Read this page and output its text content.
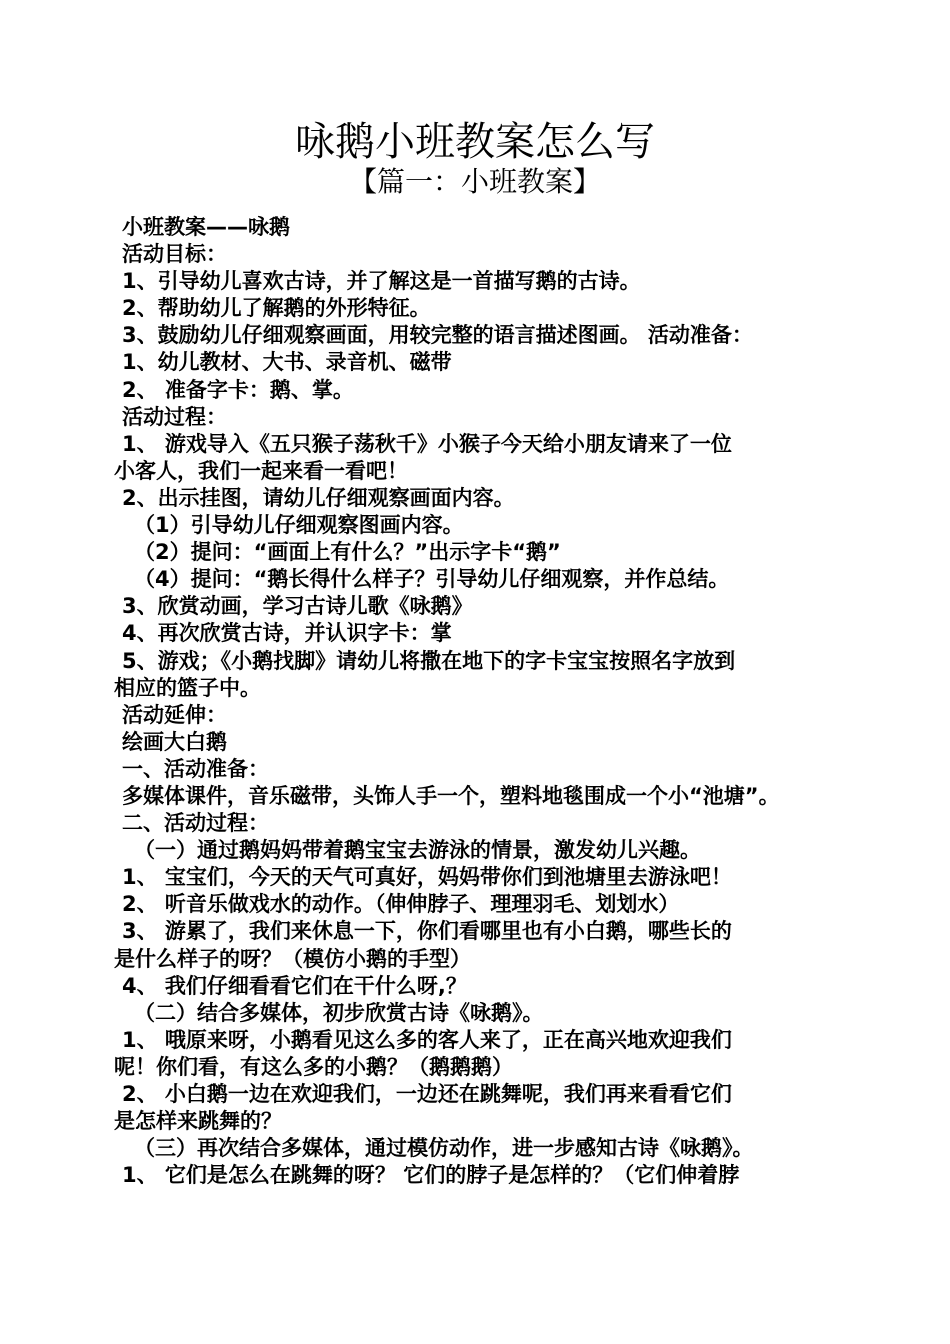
咏鹅小班教案怎么写
【篇一：小班教案】
小班教案——咏鹅
活动目标：
1、引导幼儿喜欢古诗，并了解这是一首描写鹅的古诗。
2、帮助幼儿了解鹅的外形特征。
3、鼓励幼儿仔细观察画面，用较完整的语言描述图画。 活动准备：
1、幼儿教材、大书、录音机、磁带
2、 准备字卡：鹅、掌。
活动过程：
1、 游戏导入《五只猴子荡秋千》小猴子今天给小朋友请来了一位
小客人，我们一起来看一看吧！
2、出示挂图，请幼儿仔细观察画面内容。
（1）引导幼儿仔细观察图画内容。
（2）提问：“画面上有什么？”出示字卡“鹅”
（4）提问：“鹅长得什么样子？引导幼儿仔细观察，并作总结。
3、欣赏动画，学习古诗儿歌《咏鹅》
4、再次欣赏古诗，并认识字卡：掌
5、游戏；《小鹅找脚》请幼儿将撒在地下的字卡宝宝按照名字放到
相应的篮子中。
活动延伸：
绘画大白鹅
一、活动准备：
多媒体课件，音乐磁带，头饰人手一个，塑料地毯围成一个小“池塘”。
二、活动过程：
（一）通过鹅妈妈带着鹅宝宝去游泳的情景，激发幼儿兴趣。
1、 宝宝们，今天的天气可真好，妈妈带你们到池塘里去游泳吧！
2、 听音乐做戏水的动作。（伸伸脖子、理理羽毛、划划水）
3、 游累了，我们来休息一下，你们看哪里也有小白鹅，哪些长的
是什么样子的呀？（模仿小鹅的手型）
4、 我们仔细看看它们在干什么呀,？
（二）结合多媒体，初步欣赏古诗《咏鹅》。
1、 哦原来呀，小鹅看见这么多的客人来了，正在高兴地欢迎我们
呢！你们看，有这么多的小鹅？（鹅鹅鹅）
2、 小白鹅一边在欢迎我们，一边还在跳舞呢，我们再来看看它们
是怎样来跳舞的？
（三）再次结合多媒体，通过模仿动作，进一步感知古诗《咏鹅》。
1、 它们是怎么在跳舞的呀？ 它们的脖子是怎样的？（它们伸着脖
